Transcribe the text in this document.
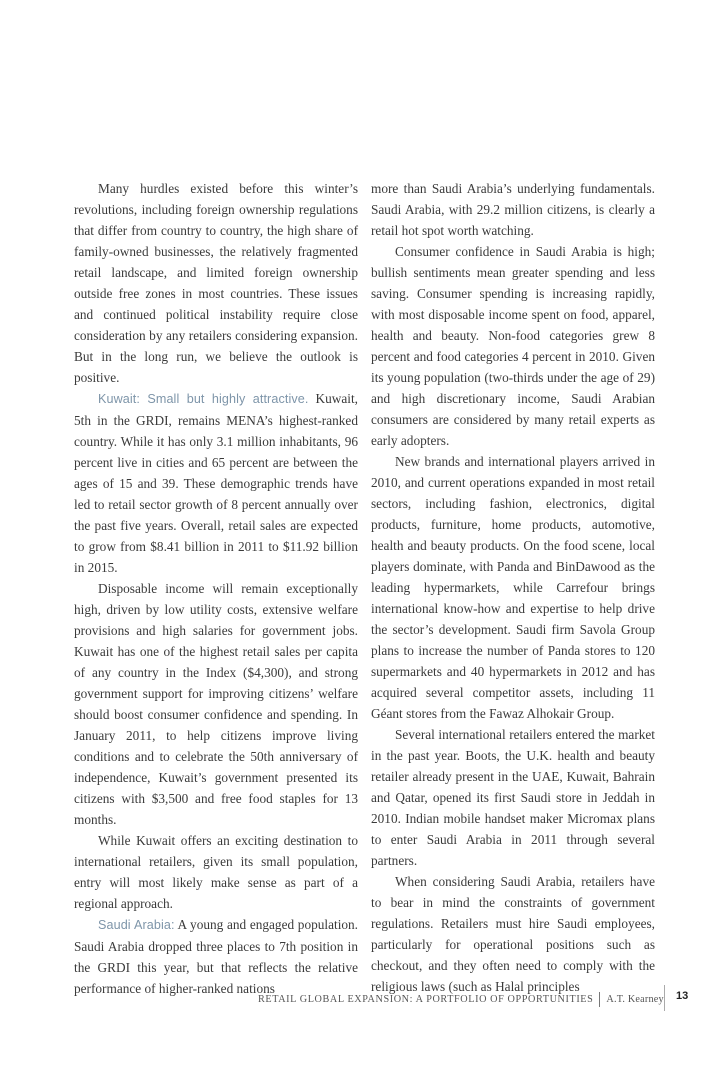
Many hurdles existed before this winter’s revolutions, including foreign ownership regulations that differ from country to country, the high share of family-owned businesses, the relatively fragmented retail landscape, and limited foreign ownership outside free zones in most countries. These issues and continued political instability require close consideration by any retailers considering expansion. But in the long run, we believe the outlook is positive.

Kuwait: Small but highly attractive. Kuwait, 5th in the GRDI, remains MENA’s highest-ranked country. While it has only 3.1 million inhabitants, 96 percent live in cities and 65 percent are between the ages of 15 and 39. These demographic trends have led to retail sector growth of 8 percent annually over the past five years. Overall, retail sales are expected to grow from $8.41 billion in 2011 to $11.92 billion in 2015.

Disposable income will remain exceptionally high, driven by low utility costs, extensive welfare provisions and high salaries for government jobs. Kuwait has one of the highest retail sales per capita of any country in the Index ($4,300), and strong government support for improving citizens’ welfare should boost consumer confidence and spending. In January 2011, to help citizens improve living conditions and to celebrate the 50th anniversary of independence, Kuwait’s government presented its citizens with $3,500 and free food staples for 13 months.

While Kuwait offers an exciting destination to international retailers, given its small population, entry will most likely make sense as part of a regional approach.

Saudi Arabia: A young and engaged population. Saudi Arabia dropped three places to 7th position in the GRDI this year, but that reflects the relative performance of higher-ranked nations

more than Saudi Arabia’s underlying fundamentals. Saudi Arabia, with 29.2 million citizens, is clearly a retail hot spot worth watching.

Consumer confidence in Saudi Arabia is high; bullish sentiments mean greater spending and less saving. Consumer spending is increasing rapidly, with most disposable income spent on food, apparel, health and beauty. Non-food categories grew 8 percent and food categories 4 percent in 2010. Given its young population (two-thirds under the age of 29) and high discretionary income, Saudi Arabian consumers are considered by many retail experts as early adopters.

New brands and international players arrived in 2010, and current operations expanded in most retail sectors, including fashion, electronics, digital products, furniture, home products, automotive, health and beauty products. On the food scene, local players dominate, with Panda and BinDawood as the leading hypermarkets, while Carrefour brings international know-how and expertise to help drive the sector’s development. Saudi firm Savola Group plans to increase the number of Panda stores to 120 supermarkets and 40 hypermarkets in 2012 and has acquired several competitor assets, including 11 Géant stores from the Fawaz Alhokair Group.

Several international retailers entered the market in the past year. Boots, the U.K. health and beauty retailer already present in the UAE, Kuwait, Bahrain and Qatar, opened its first Saudi store in Jeddah in 2010. Indian mobile handset maker Micromax plans to enter Saudi Arabia in 2011 through several partners.

When considering Saudi Arabia, retailers have to bear in mind the constraints of government regulations. Retailers must hire Saudi employees, particularly for operational positions such as checkout, and they often need to comply with the religious laws (such as Halal principles

RETAIL GLOBAL EXPANSION: A PORTFOLIO OF OPPORTUNITIES A.T. Kearney 13
